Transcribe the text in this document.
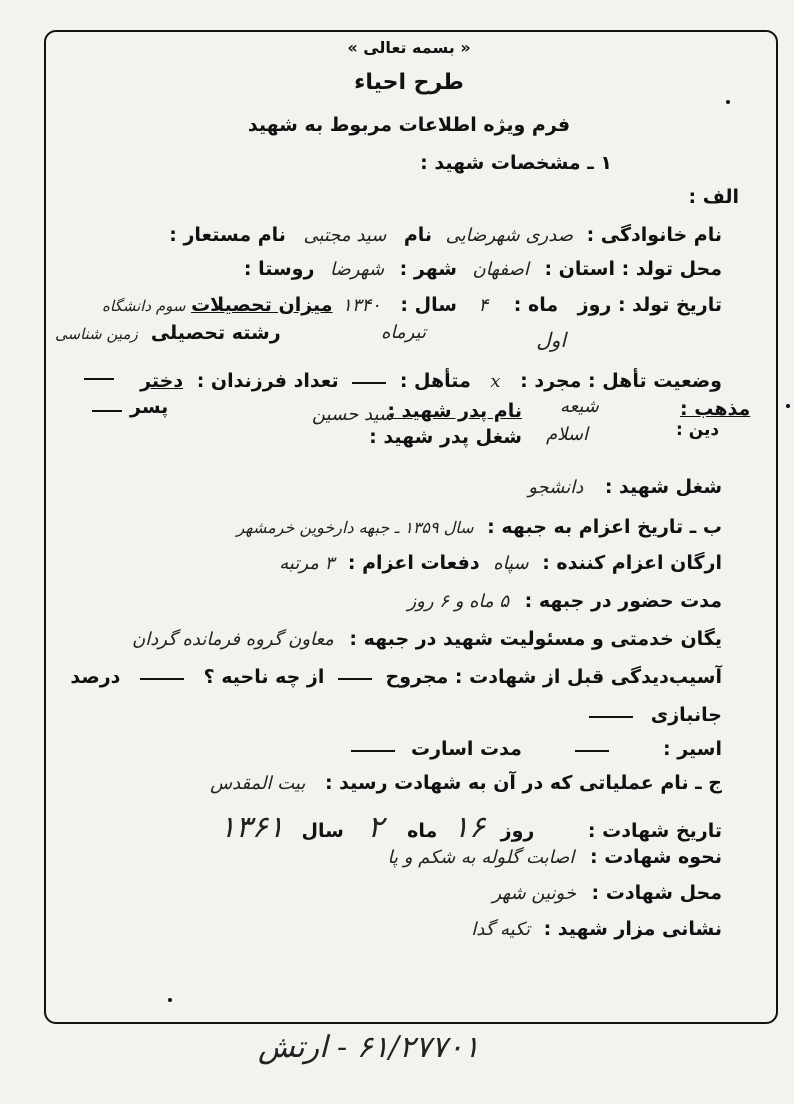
« بسمه تعالی »
طرح احیاء
فرم ویژه اطلاعات مربوط به شهید
۱ ـ مشخصات شهید :
الف :
نام خانوادگی : صدری شهرضایی نام سید مجتبی نام مستعار :
محل تولد : استان : اصفهان شهر : شهرضا روستا :
تاریخ تولد : روز ماه : ۴ سال : ۱۳۴۰ میزان تحصیلات سوم دانشگاه
اول
تیرماه
رشته تحصیلی زمین شناسی
وضعیت تأهل : مجرد : x متأهل :  تعداد فرزندان : دختر
پسر	نام پدر شهید :
سید حسین
شغل پدر شهید :
مذهب :
شیعه
دین :
اسلام
شغل شهید : دانشجو
ب ـ تاریخ اعزام به جبهه : سال ۱۳۵۹ ـ جبهه دارخوین خرمشهر
ارگان اعزام کننده : سپاه دفعات اعزام : ۳ مرتبه
مدت حضور در جبهه : ۵ ماه و ۶ روز
یگان خدمتی و مسئولیت شهید در جبهه : معاون گروه فرمانده گردان
آسیب‌دیدگی قبل از شهادت : مجروح  از چه ناحیه ؟  درصد
جانبازی
اسیر :  مدت اسارت
ج ـ نام عملیاتی که در آن به شهادت رسید : بیت المقدس
تاریخ شهادت : روز ۱۶ ماه ۲ سال ۱۳۶۱
نحوه شهادت : اصابت گلوله به شکم و پا
محل شهادت : خونین شهر
نشانی مزار شهید : تکیه گدا
۶۱/۲۷۷۰۱ - ارتش
